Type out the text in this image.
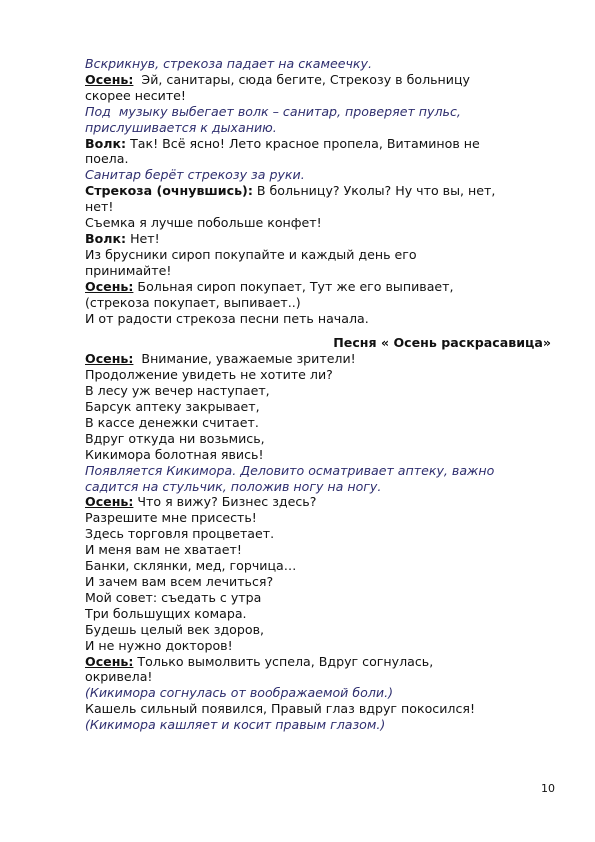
Вскрикнув, стрекоза падает на скамеечку.
Осень:  Эй, санитары, сюда бегите, Стрекозу в больницу
скорее несите!
Под  музыку выбегает волк – санитар, проверяет пульс,
прислушивается к дыханию.
Волк: Так! Всё ясно! Лето красное пропела, Витаминов не
поела.
Санитар берёт стрекозу за руки.
Стрекоза (очнувшись): В больницу? Уколы? Ну что вы, нет,
нет!
Съемка я лучше побольше конфет!
Волк: Нет!
Из брусники сироп покупайте и каждый день его
принимайте!
Осень: Больная сироп покупает, Тут же его выпивает,
(стрекоза покупает, выпивает..)
И от радости стрекоза песни петь начала.
Песня « Осень раскрасавица»
Осень:  Внимание, уважаемые зрители!
Продолжение увидеть не хотите ли?
В лесу уж вечер наступает,
Барсук аптеку закрывает,
В кассе денежки считает.
Вдруг откуда ни возьмись,
Кикимора болотная явись!
Появляется Кикимора. Деловито осматривает аптеку, важно
садится на стульчик, положив ногу на ногу.
Осень: Что я вижу? Бизнес здесь?
Разрешите мне присесть!
Здесь торговля процветает.
И меня вам не хватает!
Банки, склянки, мед, горчица…
И зачем вам всем лечиться?
Мой совет: съедать с утра
Три большущих комара.
Будешь целый век здоров,
И не нужно докторов!
Осень: Только вымолвить успела, Вдруг согнулась,
окривела!
(Кикимора согнулась от воображаемой боли.)
Кашель сильный появился, Правый глаз вдруг покосился!
(Кикимора кашляет и косит правым глазом.)
10
